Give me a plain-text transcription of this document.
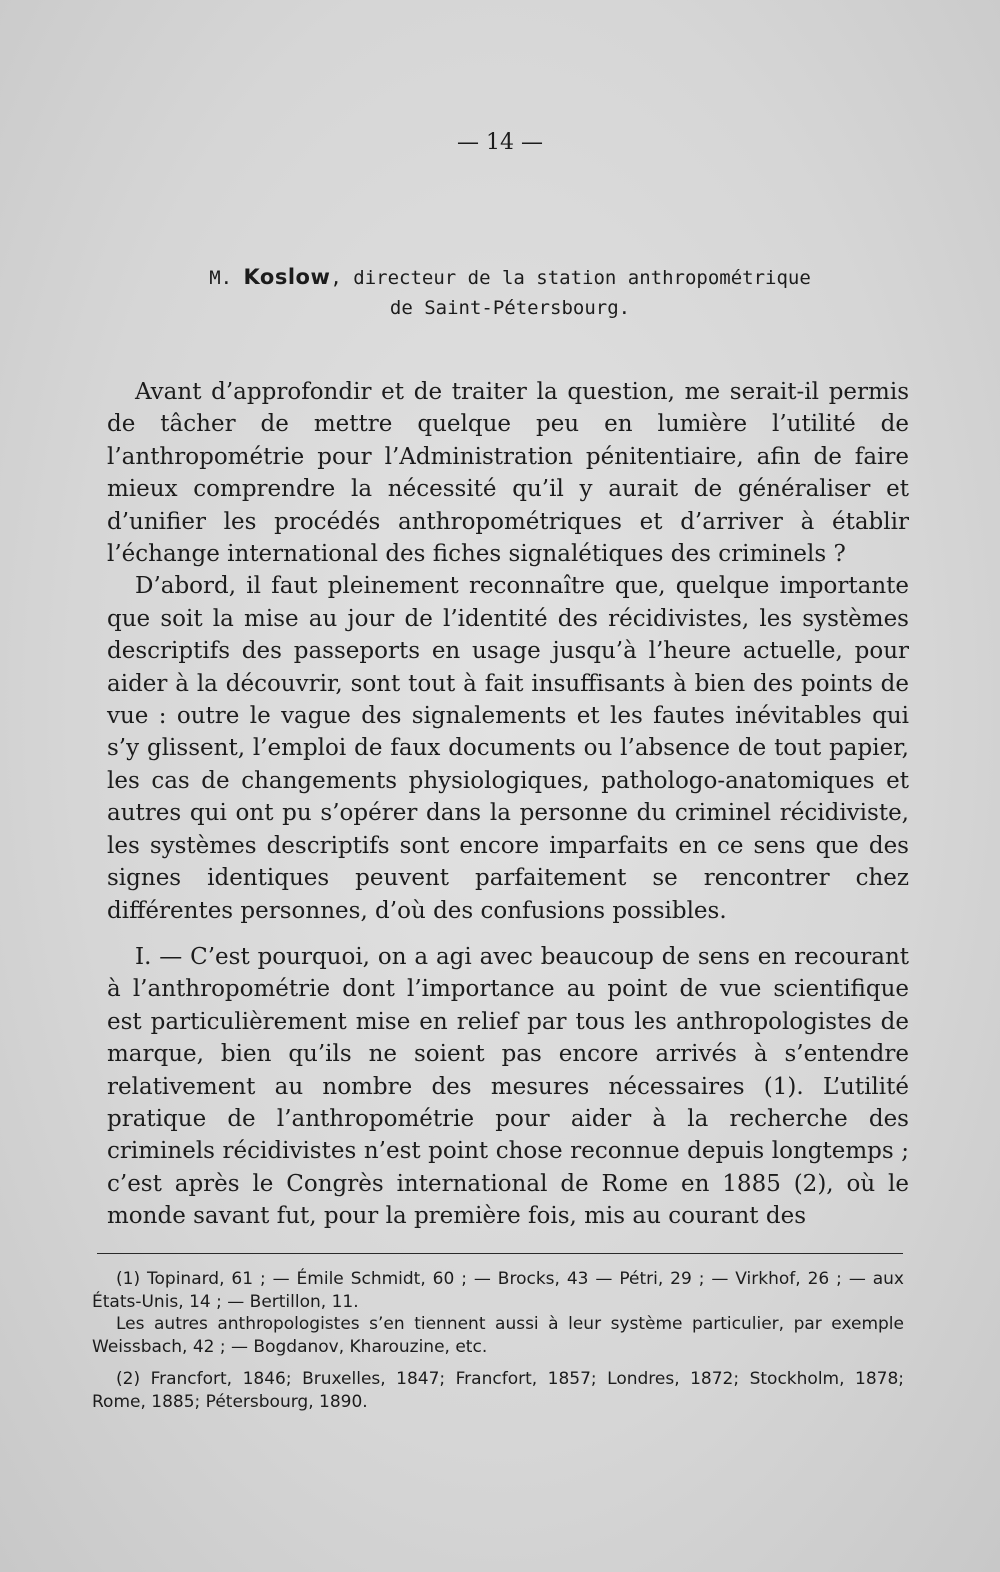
— 14 —
M. Koslow, directeur de la station anthropométrique
de Saint-Pétersbourg.

Avant d’approfondir et de traiter la question, me serait-il permis de tâcher de mettre quelque peu en lumière l’utilité de l’anthropométrie pour l’Administration pénitentiaire, afin de faire mieux comprendre la nécessité qu’il y aurait de généraliser et d’unifier les procédés anthropométriques et d’arriver à établir l’échange international des fiches signalétiques des criminels ?

D’abord, il faut pleinement reconnaître que, quelque importante que soit la mise au jour de l’identité des récidivistes, les systèmes descriptifs des passeports en usage jusqu’à l’heure actuelle, pour aider à la découvrir, sont tout à fait insuffisants à bien des points de vue : outre le vague des signalements et les fautes inévitables qui s’y glissent, l’emploi de faux documents ou l’absence de tout papier, les cas de changements physiologiques, pathologo-anatomiques et autres qui ont pu s’opérer dans la personne du criminel récidiviste, les systèmes descriptifs sont encore imparfaits en ce sens que des signes identiques peuvent parfaitement se rencontrer chez différentes personnes, d’où des confusions possibles.

I. — C’est pourquoi, on a agi avec beaucoup de sens en recourant à l’anthropométrie dont l’importance au point de vue scientifique est particulièrement mise en relief par tous les anthropologistes de marque, bien qu’ils ne soient pas encore arrivés à s’entendre relativement au nombre des mesures nécessaires (1). L’utilité pratique de l’anthropométrie pour aider à la recherche des criminels récidivistes n’est point chose reconnue depuis longtemps ; c’est après le Congrès international de Rome en 1885 (2), où le monde savant fut, pour la première fois, mis au courant des

(1) Topinard, 61 ; — Émile Schmidt, 60 ; — Brocks, 43 — Pétri, 29 ; — Virkhof, 26 ; — aux États-Unis, 14 ; — Bertillon, 11.

Les autres anthropologistes s’en tiennent aussi à leur système particulier, par exemple Weissbach, 42 ; — Bogdanov, Kharouzine, etc.

(2) Francfort, 1846; Bruxelles, 1847; Francfort, 1857; Londres, 1872; Stockholm, 1878; Rome, 1885; Pétersbourg, 1890.
